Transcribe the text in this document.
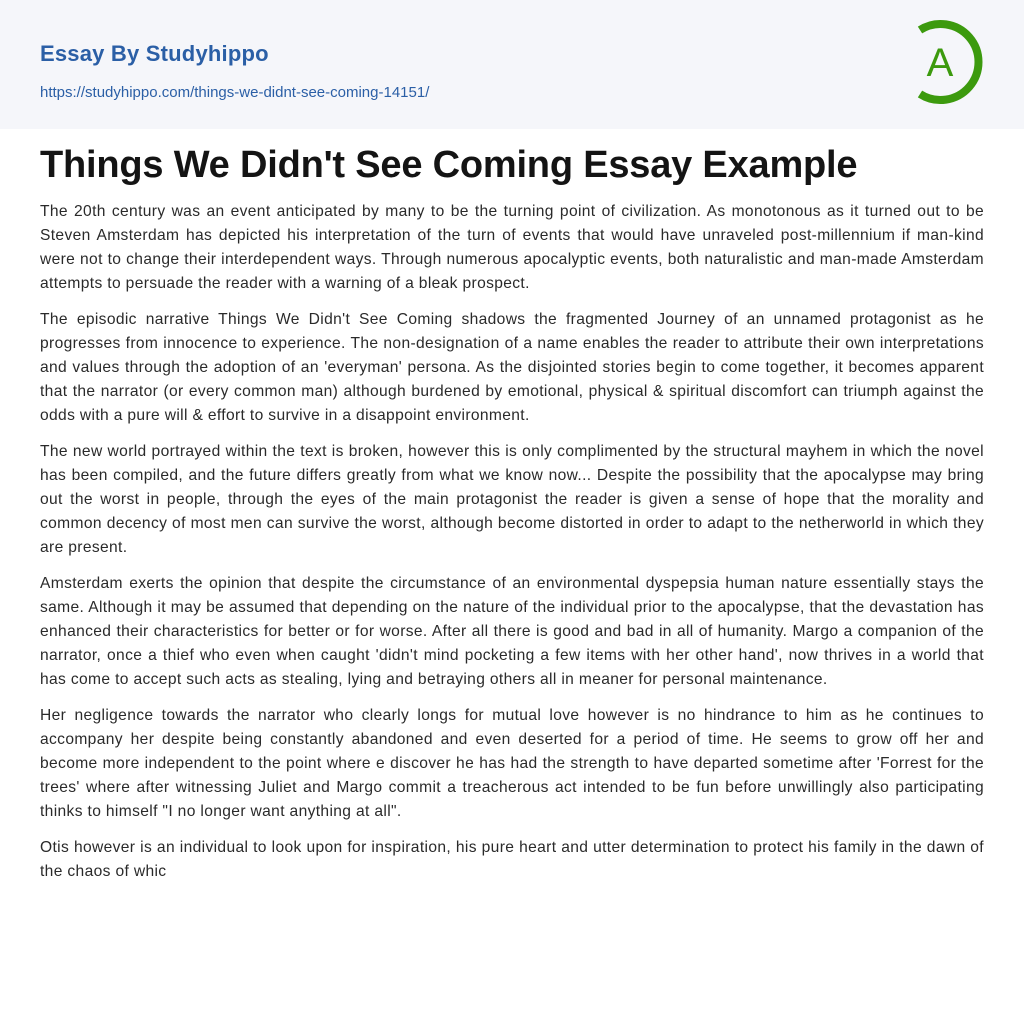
Essay By Studyhippo
https://studyhippo.com/things-we-didnt-see-coming-14151/
A
Things We Didn't See Coming Essay Example

The 20th century was an event anticipated by many to be the turning point of civilization. As monotonous as it turned out to be Steven Amsterdam has depicted his interpretation of the turn of events that would have unraveled post-millennium if man-kind were not to change their interdependent ways. Through numerous apocalyptic events, both naturalistic and man-made Amsterdam attempts to persuade the reader with a warning of a bleak prospect.

The episodic narrative Things We Didn't See Coming shadows the fragmented Journey of an unnamed protagonist as he progresses from innocence to experience. The non-designation of a name enables the reader to attribute their own interpretations and values through the adoption of an 'everyman' persona. As the disjointed stories begin to come together, it becomes apparent that the narrator (or every common man) although burdened by emotional, physical & spiritual discomfort can triumph against the odds with a pure will & effort to survive in a disappoint environment.

The new world portrayed within the text is broken, however this is only complimented by the structural mayhem in which the novel has been compiled, and the future differs greatly from what we know now... Despite the possibility that the apocalypse may bring out the worst in people, through the eyes of the main protagonist the reader is given a sense of hope that the morality and common decency of most men can survive the worst, although become distorted in order to adapt to the netherworld in which they are present.

Amsterdam exerts the opinion that despite the circumstance of an environmental dyspepsia human nature essentially stays the same. Although it may be assumed that depending on the nature of the individual prior to the apocalypse, that the devastation has enhanced their characteristics for better or for worse. After all there is good and bad in all of humanity. Margo a companion of the narrator, once a thief who even when caught 'didn't mind pocketing a few items with her other hand', now thrives in a world that has come to accept such acts as stealing, lying and betraying others all in meaner for personal maintenance.

Her negligence towards the narrator who clearly longs for mutual love however is no hindrance to him as he continues to accompany her despite being constantly abandoned and even deserted for a period of time. He seems to grow off her and become more independent to the point where e discover he has had the strength to have departed sometime after 'Forrest for the trees' where after witnessing Juliet and Margo commit a treacherous act intended to be fun before unwillingly also participating thinks to himself "I no longer want anything at all".

Otis however is an individual to look upon for inspiration, his pure heart and utter determination to protect his family in the dawn of the chaos of whic
